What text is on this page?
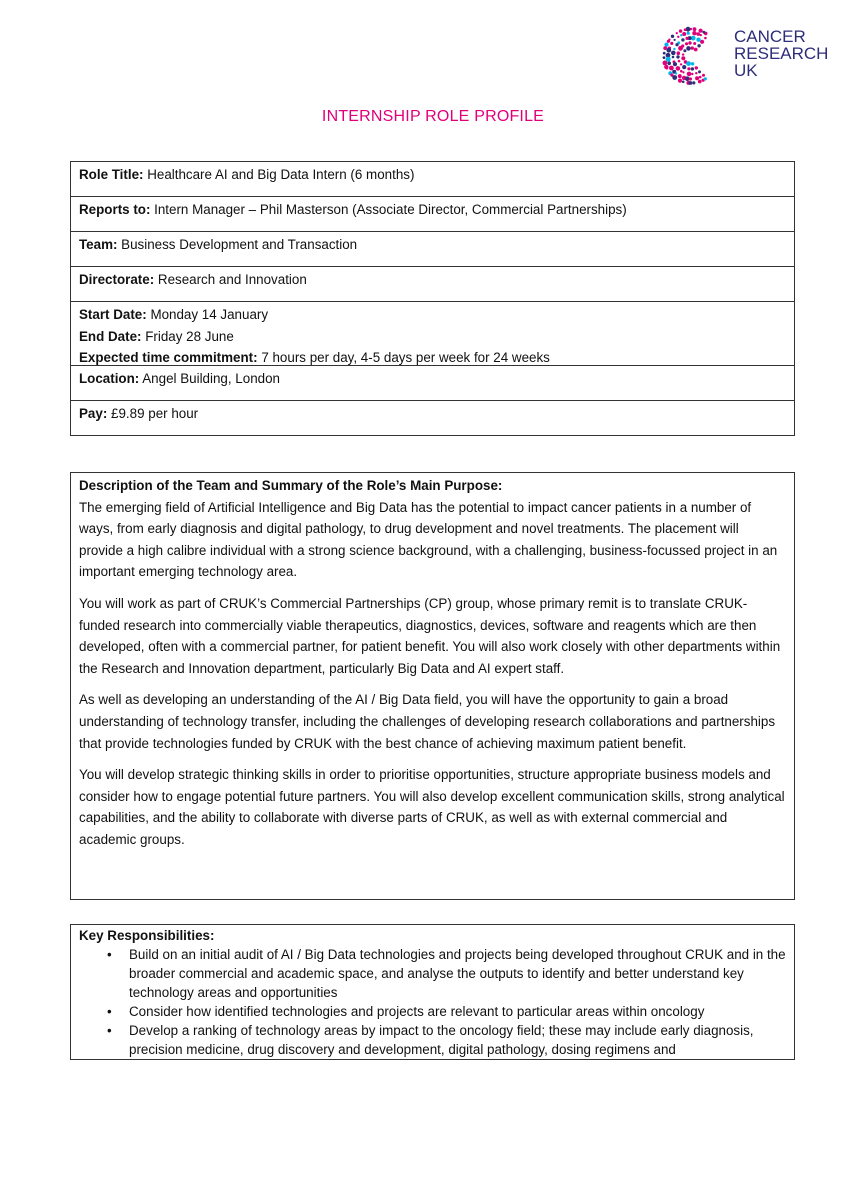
CANCER
RESEARCH
UK
INTERNSHIP ROLE PROFILE
Role Title: Healthcare AI and Big Data Intern (6 months)
Reports to: Intern Manager – Phil Masterson (Associate Director, Commercial Partnerships)
Team: Business Development and Transaction
Directorate: Research and Innovation
Start Date: Monday 14 January
End Date: Friday 28 June
Expected time commitment: 7 hours per day, 4-5 days per week for 24 weeks
Location: Angel Building, London
Pay: £9.89 per hour

Description of the Team and Summary of the Role’s Main Purpose:

The emerging field of Artificial Intelligence and Big Data has the potential to impact cancer patients in a number of ways, from early diagnosis and digital pathology, to drug development and novel treatments. The placement will provide a high calibre individual with a strong science background, with a challenging, business-focussed project in an important emerging technology area.

You will work as part of CRUK’s Commercial Partnerships (CP) group, whose primary remit is to translate CRUK-funded research into commercially viable therapeutics, diagnostics, devices, software and reagents which are then developed, often with a commercial partner, for patient benefit. You will also work closely with other departments within the Research and Innovation department, particularly Big Data and AI expert staff.

As well as developing an understanding of the AI / Big Data field, you will have the opportunity to gain a broad understanding of technology transfer, including the challenges of developing research collaborations and partnerships that provide technologies funded by CRUK with the best chance of achieving maximum patient benefit.

You will develop strategic thinking skills in order to prioritise opportunities, structure appropriate business models and consider how to engage potential future partners. You will also develop excellent communication skills, strong analytical capabilities, and the ability to collaborate with diverse parts of CRUK, as well as with external commercial and academic groups.

Key Responsibilities:
• Build on an initial audit of AI / Big Data technologies and projects being developed throughout CRUK and in the broader commercial and academic space, and analyse the outputs to identify and better understand key technology areas and opportunities
• Consider how identified technologies and projects are relevant to particular areas within oncology
• Develop a ranking of technology areas by impact to the oncology field; these may include early diagnosis, precision medicine, drug discovery and development, digital pathology, dosing regimens and
